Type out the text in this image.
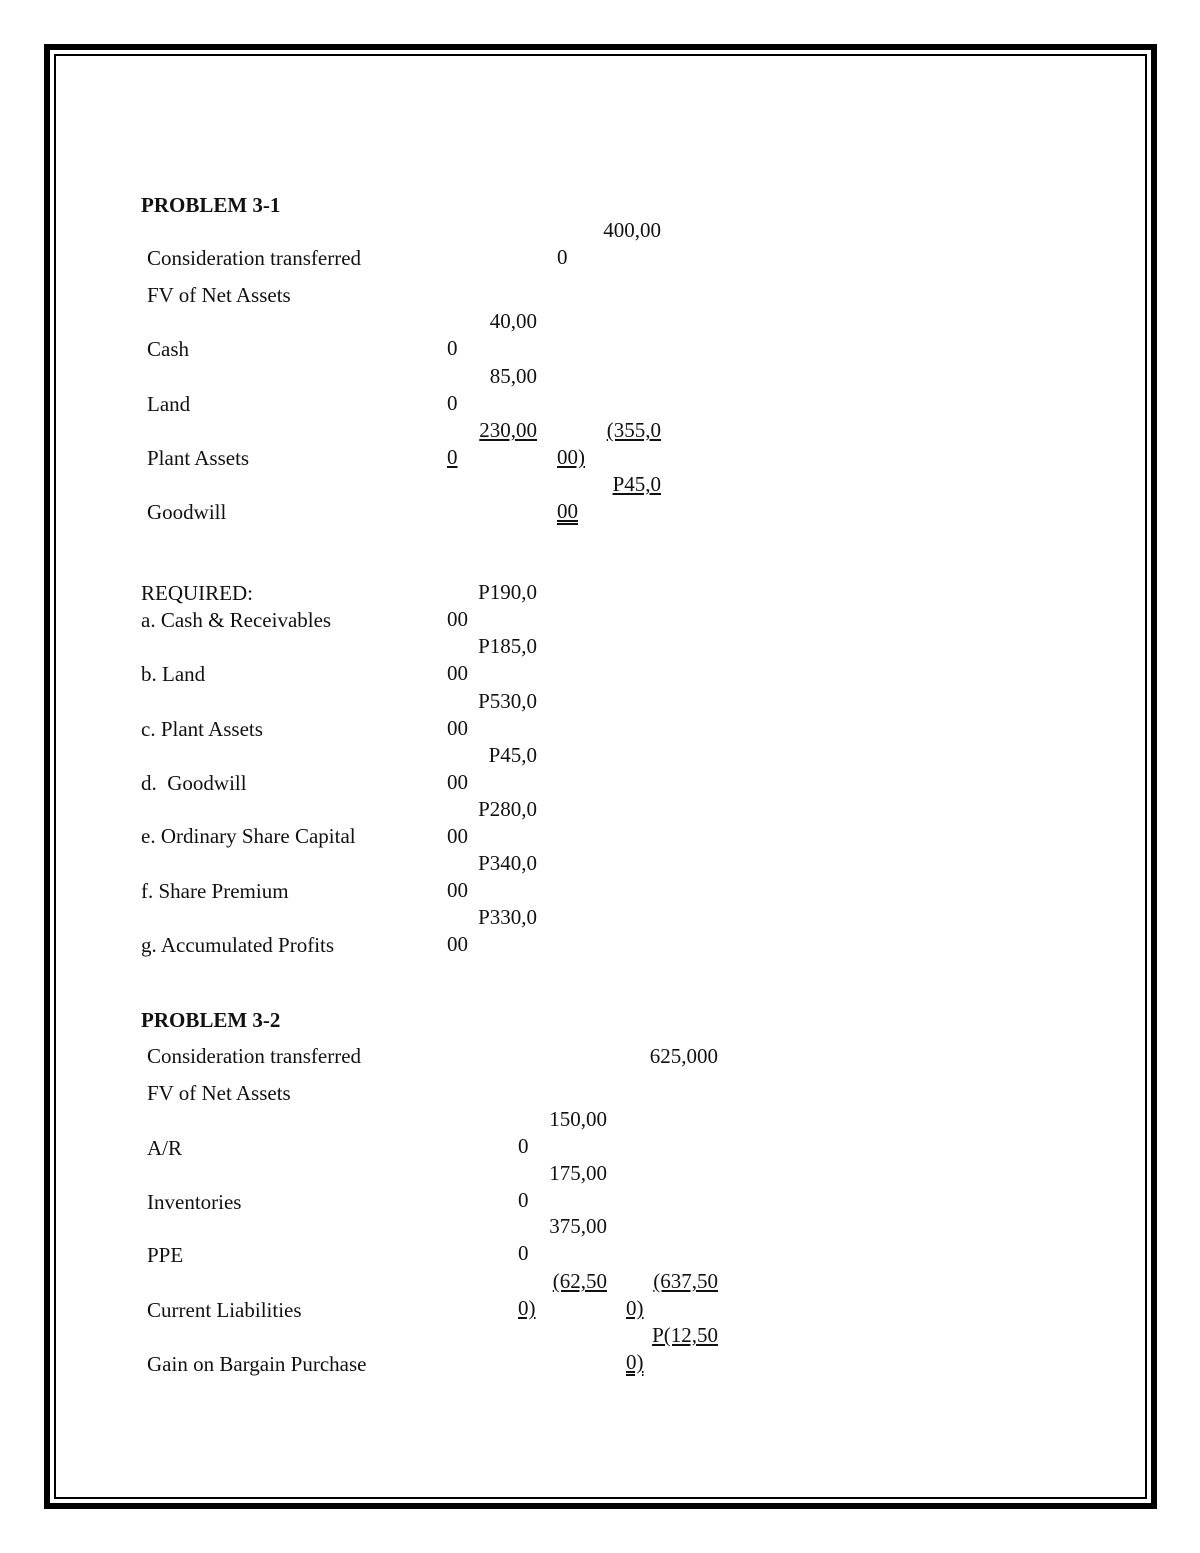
PROBLEM 3-1
Consideration transferred
400,00
0
FV of Net Assets
Cash
40,00
0
Land
85,00
0
Plant Assets
230,00
0
(355,0
00)
Goodwill
P45,0
00
REQUIRED:	P190,0
00
a. Cash & Receivables
P185,0
00
b. Land
P530,0
00
c. Plant Assets
P45,0
00
d.  Goodwill
P280,0
00
e. Ordinary Share Capital
P340,0
00
f. Share Premium
P330,0
00
g. Accumulated Profits
PROBLEM 3-2
Consideration transferred	625,000
FV of Net Assets
A/R
150,00
0
Inventories
175,00
0
PPE
375,00
0
Current Liabilities
(62,50
0)
(637,50
0)
Gain on Bargain Purchase
P(12,50
0)
